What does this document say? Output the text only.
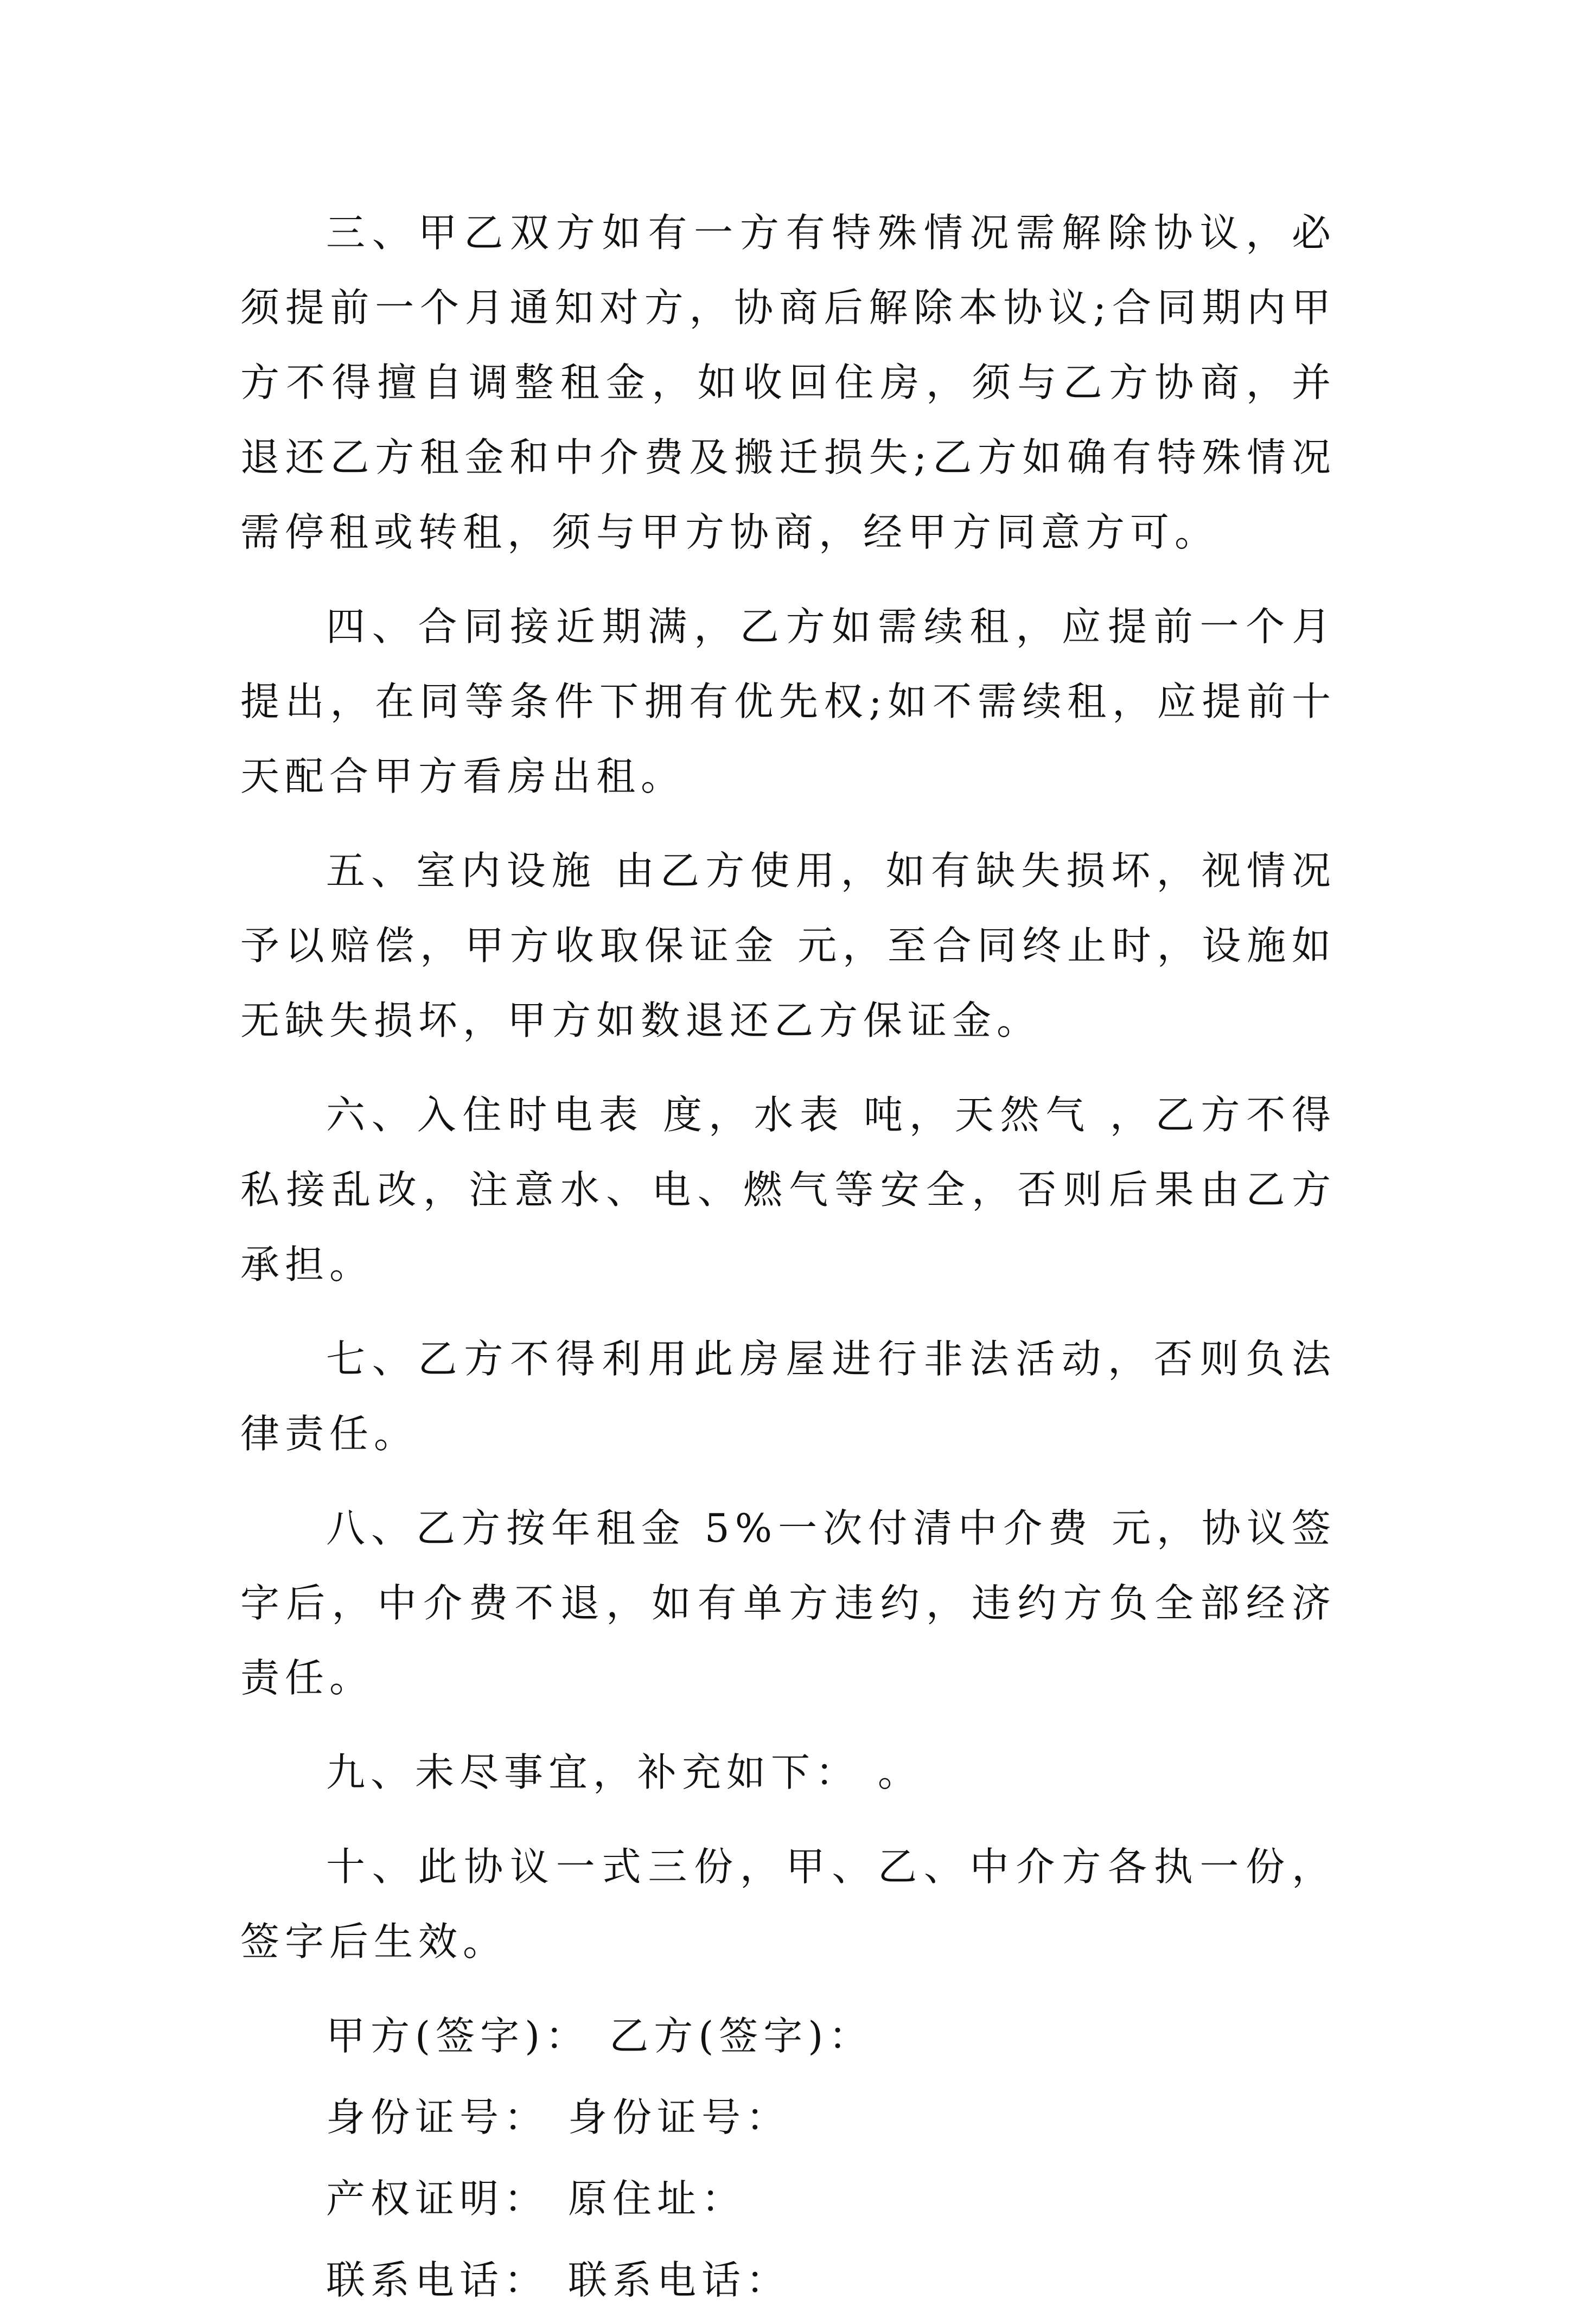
三、甲乙双方如有一方有特殊情况需解除协议，必须提前一个月通知对方，协商后解除本协议;合同期内甲方不得擅自调整租金，如收回住房，须与乙方协商，并退还乙方租金和中介费及搬迁损失;乙方如确有特殊情况需停租或转租，须与甲方协商，经甲方同意方可。

四、合同接近期满，乙方如需续租，应提前一个月提出，在同等条件下拥有优先权;如不需续租，应提前十天配合甲方看房出租。

五、室内设施 由乙方使用，如有缺失损坏，视情况予以赔偿，甲方收取保证金 元，至合同终止时，设施如无缺失损坏，甲方如数退还乙方保证金。

六、入住时电表 度，水表 吨，天然气 ，乙方不得私接乱改，注意水、电、燃气等安全，否则后果由乙方承担。

七、乙方不得利用此房屋进行非法活动，否则负法律责任。

八、乙方按年租金 5%一次付清中介费 元，协议签字后，中介费不退，如有单方违约，违约方负全部经济责任。

九、未尽事宜，补充如下： 。

十、此协议一式三份，甲、乙、中介方各执一份，签字后生效。

甲方(签字)： 乙方(签字)：
身份证号： 身份证号：
产权证明： 原住址：
联系电话： 联系电话：
